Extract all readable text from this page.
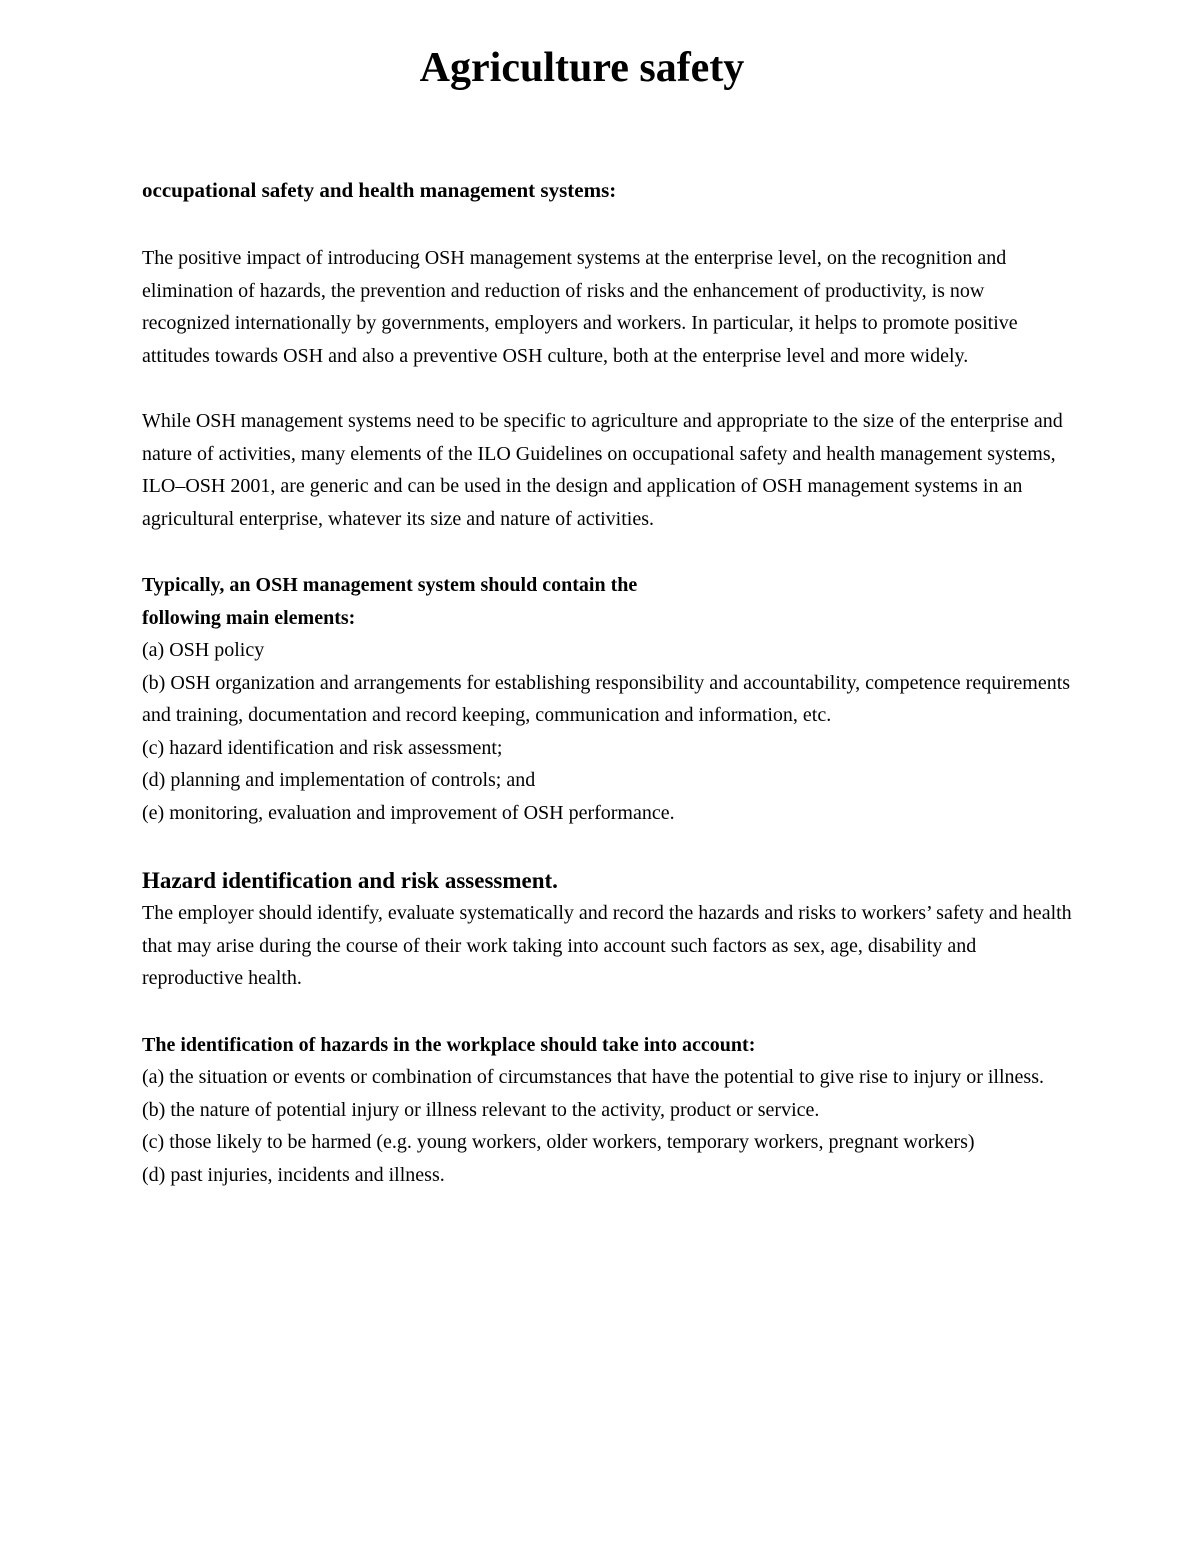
Agriculture safety

occupational safety and health management systems:

The positive impact of introducing OSH management systems at the enterprise level, on the recognition and elimination of hazards, the prevention and reduction of risks and the enhancement of productivity, is now recognized internationally by governments, employers and workers. In particular, it helps to promote positive attitudes towards OSH and also a preventive OSH culture, both at the enterprise level and more widely.

While OSH management systems need to be specific to agriculture and appropriate to the size of the enterprise and nature of activities, many elements of the ILO Guidelines on occupational safety and health management systems, ILO–OSH 2001, are generic and can be used in the design and application of OSH management systems in an agricultural enterprise, whatever its size and nature of activities.

Typically, an OSH management system should contain the

following main elements:

(a) OSH policy

(b) OSH organization and arrangements for establishing responsibility and accountability, competence requirements and training, documentation and record keeping, communication and information, etc.

(c) hazard identification and risk assessment;

(d) planning and implementation of controls; and

(e) monitoring, evaluation and improvement of OSH performance.

Hazard identification and risk assessment.

The employer should identify, evaluate systematically and record the hazards and risks to workers’ safety and health that may arise during the course of their work taking into account such factors as sex, age, disability and reproductive health.

The identification of hazards in the workplace should take into account:

(a) the situation or events or combination of circumstances that have the potential to give rise to injury or illness.

(b) the nature of potential injury or illness relevant to the activity, product or service.

(c) those likely to be harmed (e.g. young workers, older workers, temporary workers, pregnant workers)

(d) past injuries, incidents and illness.
